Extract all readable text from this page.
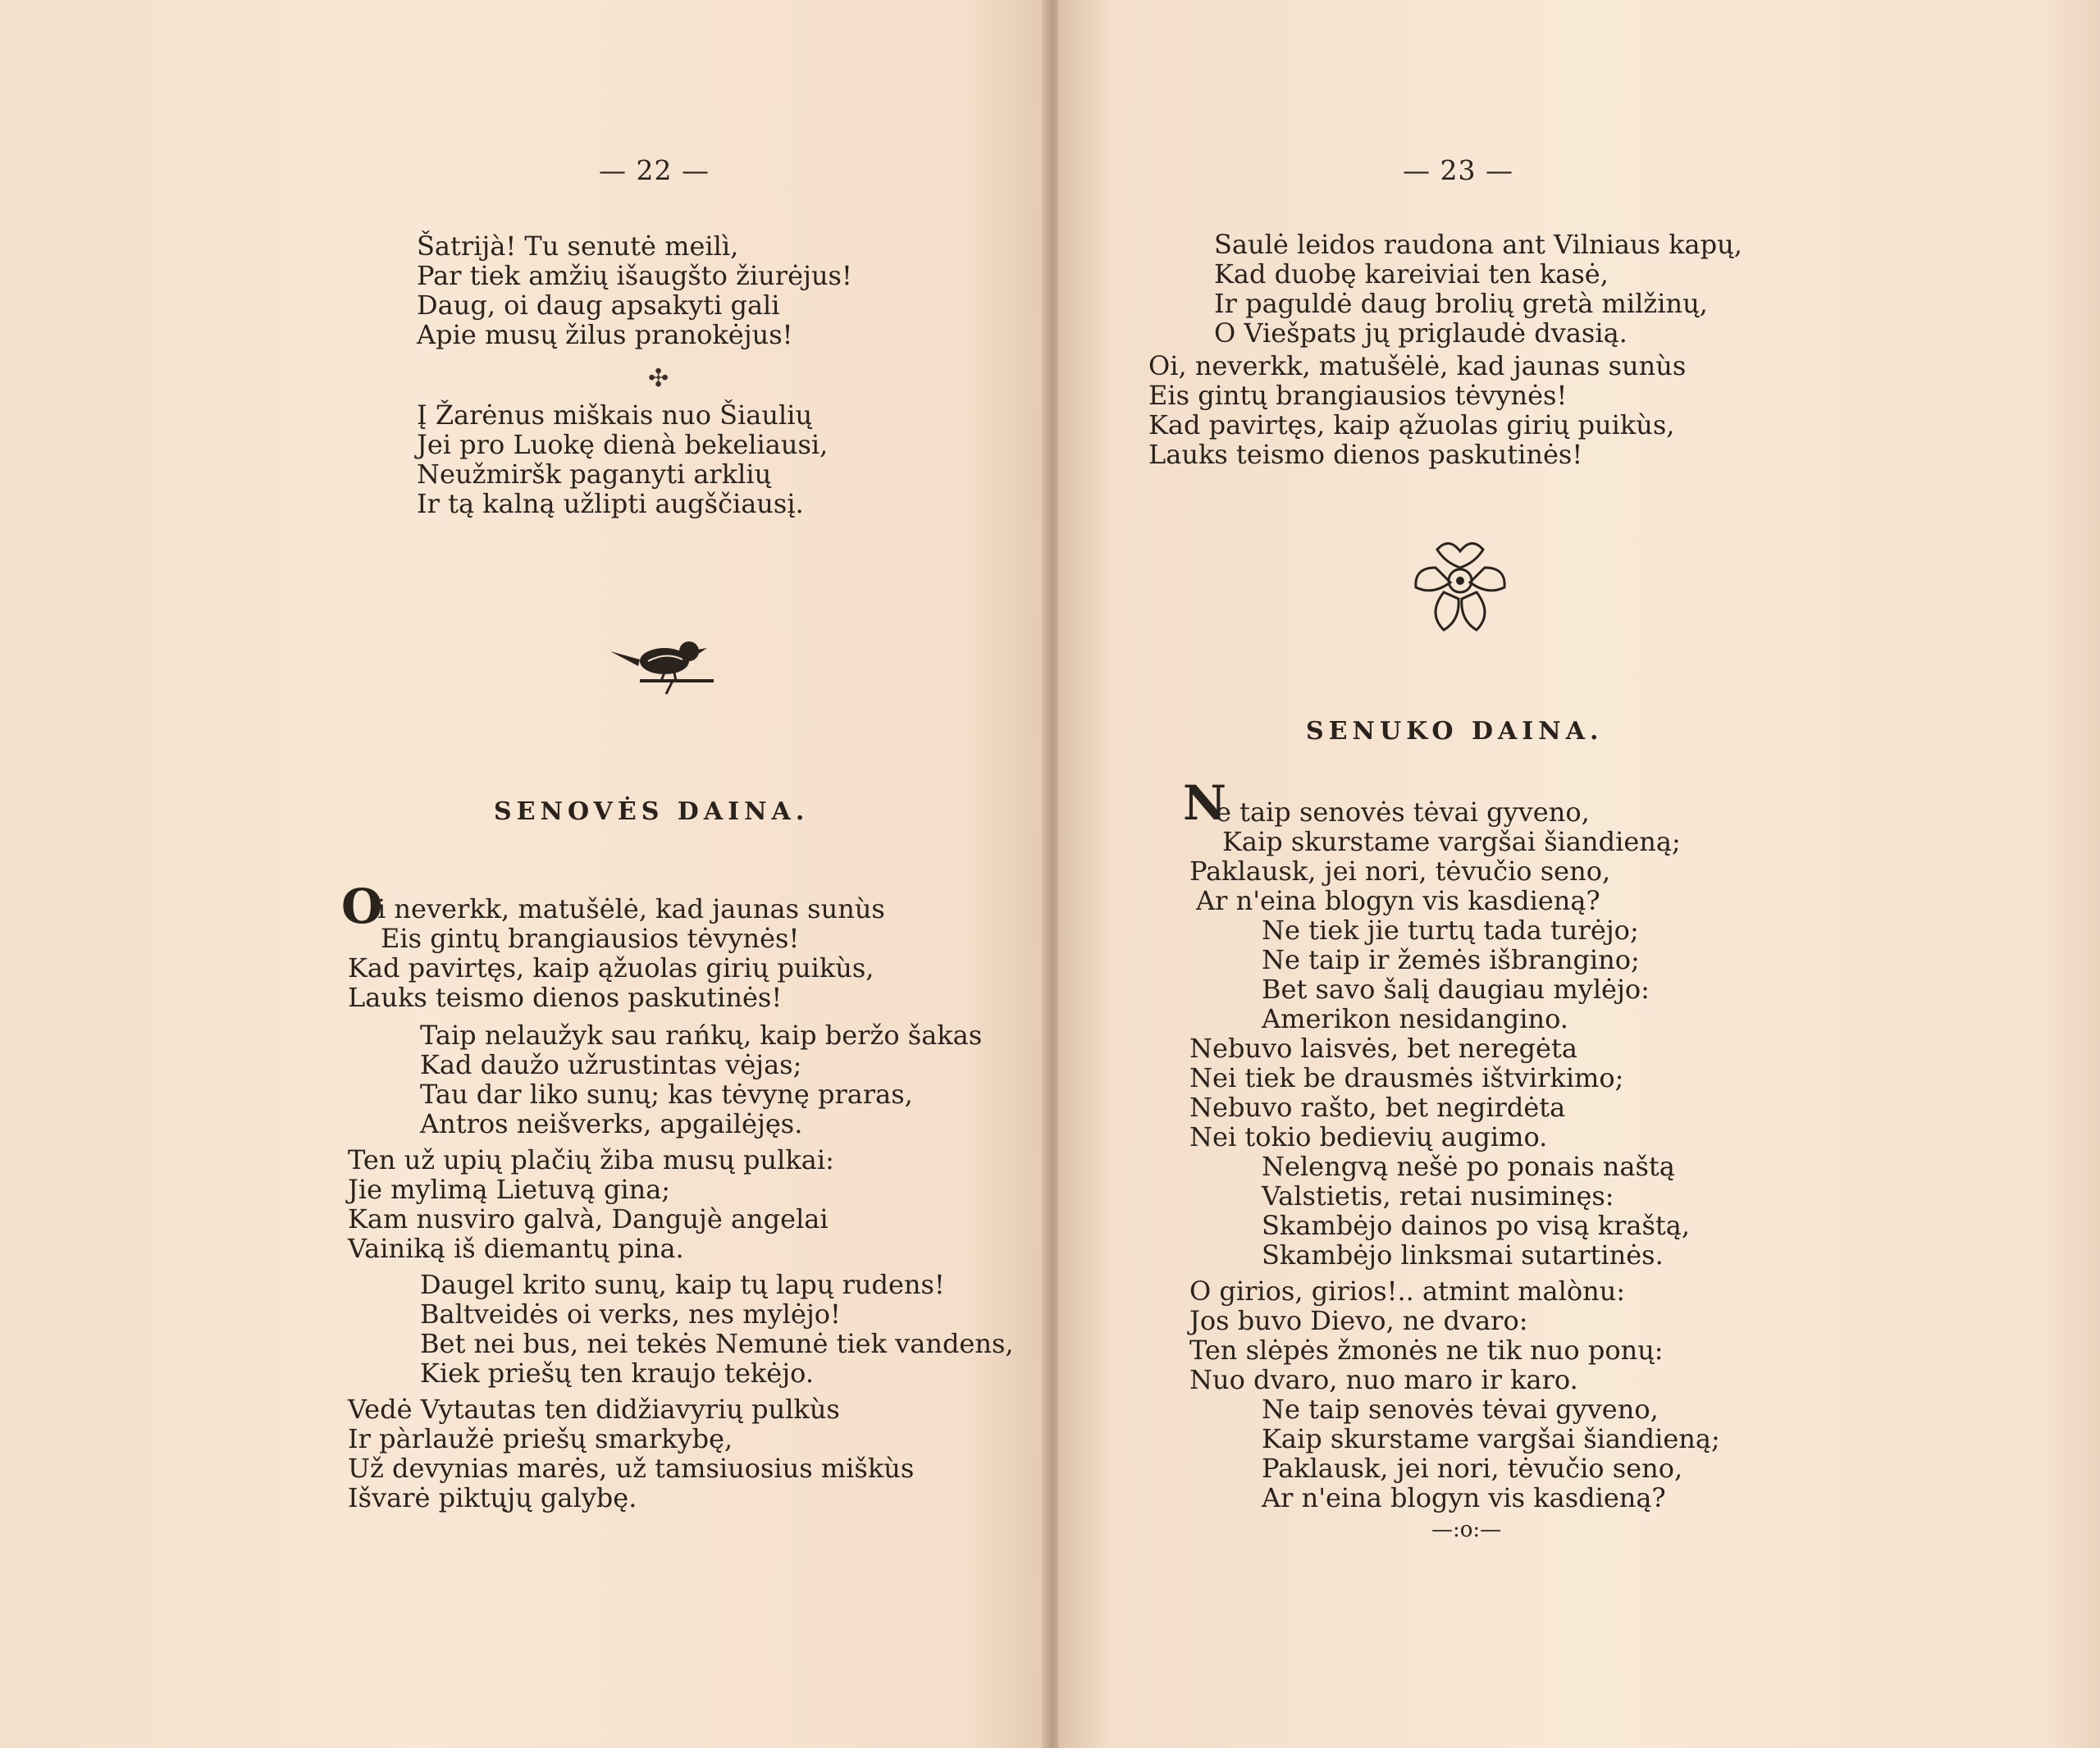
— 22 —
Šatrijà! Tu senutė meilì,
Par tiek amžių išaugšto žiurėjus!
Daug, oi daug apsakyti gali
Apie musų žilus pranokėjus!
✣
Į Žarėnus miškais nuo Šiaulių
Jei pro Luokę dienà bekeliausi,
Neužmiršk paganyti arklių
Ir tą kalną užlipti augščiausį.
SENOVĖS DAINA.
O
i neverkk, matušėlė, kad jaunas sunùs
Eis gintų brangiausios tėvynės!
Kad pavirtęs, kaip ąžuolas girių puikùs,
Lauks teismo dienos paskutinės!
Taip nelaužyk sau rańkų, kaip beržo šakas
Kad daužo užrustintas vėjas;
Tau dar liko sunų; kas tėvynę praras,
Antros neišverks, apgailėjęs.
Ten už upių plačių žiba musų pulkai:
Jie mylimą Lietuvą gina;
Kam nusviro galvà, Dangujè angelai
Vainiką iš diemantų pina.
Daugel krito sunų, kaip tų lapų rudens!
Baltveidės oi verks, nes mylėjo!
Bet nei bus, nei tekės Nemunė tiek vandens,
Kiek priešų ten kraujo tekėjo.
Vedė Vytautas ten didžiavyrių pulkùs
Ir pàrlaužė priešų smarkybę,
Už devynias marės, už tamsiuosius miškùs
Išvarė piktųjų galybę.
— 23 —
Saulė leidos raudona ant Vilniaus kapų,
Kad duobę kareiviai ten kasė,
Ir paguldė daug brolių gretà milžinų,
O Viešpats jų priglaudė dvasią.
Oi, neverkk, matušėlė, kad jaunas sunùs
Eis gintų brangiausios tėvynės!
Kad pavirtęs, kaip ąžuolas girių puikùs,
Lauks teismo dienos paskutinės!
SENUKO DAINA.
N
e taip senovės tėvai gyveno,
Kaip skurstame vargšai šiandieną;
Paklausk, jei nori, tėvučio seno,
Ar n'eina blogyn vis kasdieną?
Ne tiek jie turtų tada turėjo;
Ne taip ir žemės išbrangino;
Bet savo šalį daugiau mylėjo:
Amerikon nesidangino.
Nebuvo laisvės, bet neregėta
Nei tiek be drausmės ištvirkimo;
Nebuvo rašto, bet negirdėta
Nei tokio bedievių augimo.
Nelengvą nešė po ponais naštą
Valstietis, retai nusiminęs:
Skambėjo dainos po visą kraštą,
Skambėjo linksmai sutartinės.
O girios, girios!.. atmint malònu:
Jos buvo Dievo, ne dvaro:
Ten slėpės žmonės ne tik nuo ponų:
Nuo dvaro, nuo maro ir karo.
Ne taip senovės tėvai gyveno,
Kaip skurstame vargšai šiandieną;
Paklausk, jei nori, tėvučio seno,
Ar n'eina blogyn vis kasdieną?
—:o:—
